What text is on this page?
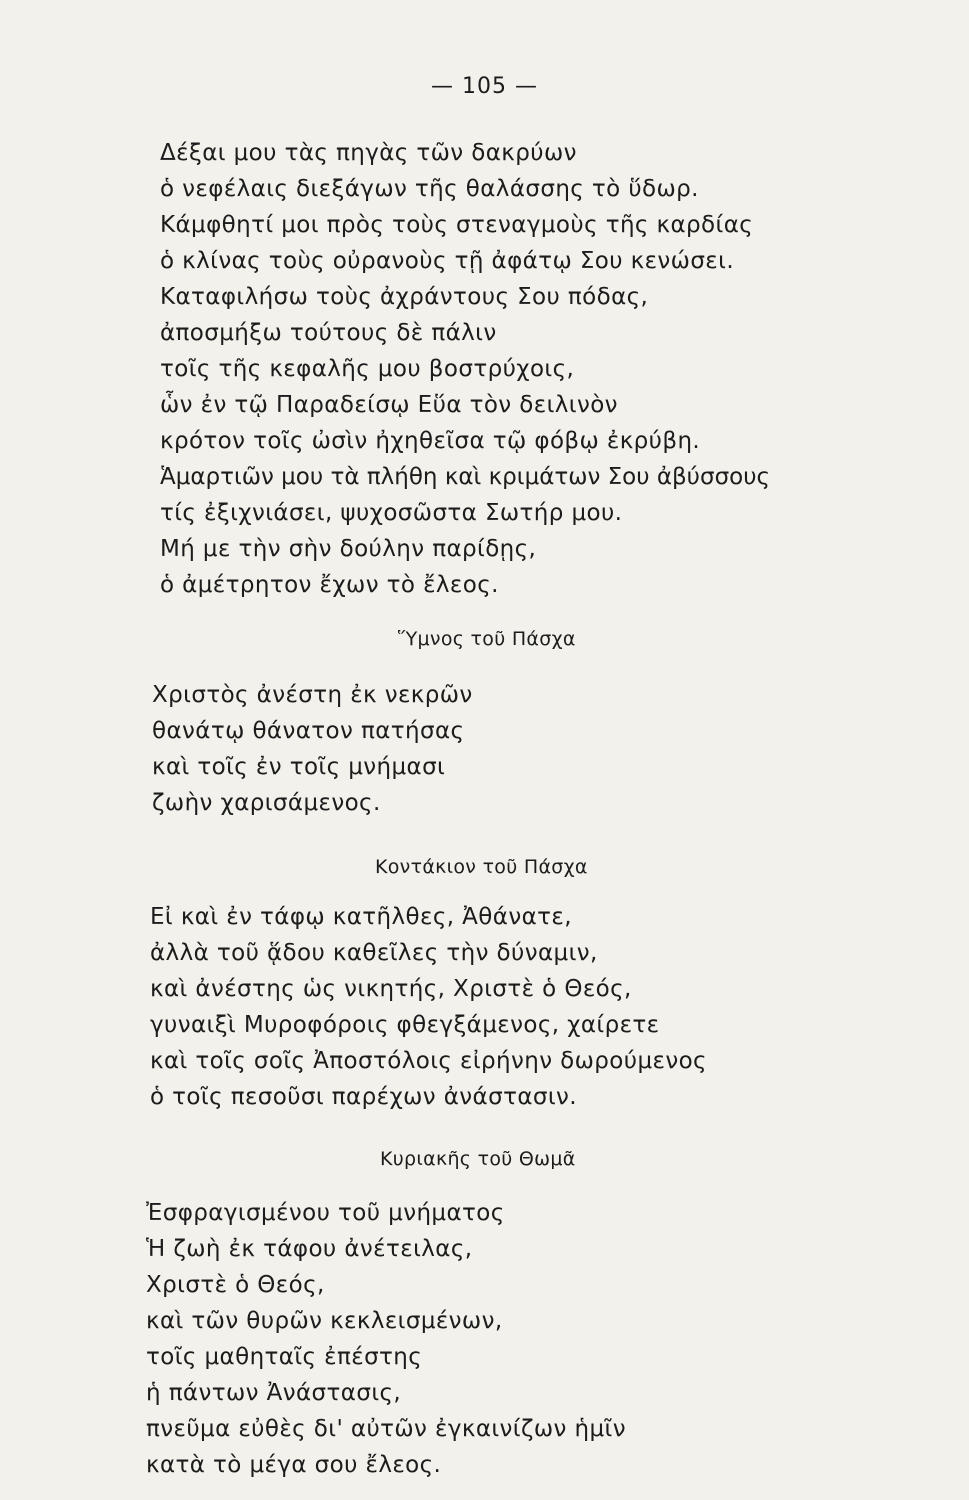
— 105 —
Δέξαι μου τὰς πηγὰς τῶν δακρύων
ὁ νεφέλαις διεξάγων τῆς θαλάσσης τὸ ὕδωρ.
Κάμφθητί μοι πρὸς τοὺς στεναγμοὺς τῆς καρδίας
ὁ κλίνας τοὺς οὐρανοὺς τῇ ἀφάτῳ Σου κενώσει.
Καταφιλήσω τοὺς ἀχράντους Σου πόδας,
ἀποσμήξω τούτους δὲ πάλιν
τοῖς τῆς κεφαλῆς μου βοστρύχοις,
ὧν ἐν τῷ Παραδείσῳ Εὕα τὸν δειλινὸν
κρότον τοῖς ὠσὶν ἠχηθεῖσα τῷ φόβῳ ἐκρύβη.
Ἁμαρτιῶν μου τὰ πλήθη καὶ κριμάτων Σου ἀβύσσους
τίς ἐξιχνιάσει, ψυχοσῶστα Σωτήρ μου.
Μή με τὴν σὴν δούλην παρίδῃς,
ὁ ἀμέτρητον ἔχων τὸ ἔλεος.
Ὕμνος τοῦ Πάσχα
Χριστὸς ἀνέστη ἐκ νεκρῶν
θανάτῳ θάνατον πατήσας
καὶ τοῖς ἐν τοῖς μνήμασι
ζωὴν χαρισάμενος.
Κοντάκιον τοῦ Πάσχα
Εἰ καὶ ἐν τάφῳ κατῆλθες, Ἀθάνατε,
ἀλλὰ τοῦ ᾅδου καθεῖλες τὴν δύναμιν,
καὶ ἀνέστης ὡς νικητής, Χριστὲ ὁ Θεός,
γυναιξὶ Μυροφόροις φθεγξάμενος, χαίρετε
καὶ τοῖς σοῖς Ἀποστόλοις εἰρήνην δωρούμενος
ὁ τοῖς πεσοῦσι παρέχων ἀνάστασιν.
Κυριακῆς τοῦ Θωμᾶ
Ἐσφραγισμένου τοῦ μνήματος
Ἡ ζωὴ ἐκ τάφου ἀνέτειλας,
Χριστὲ ὁ Θεός,
καὶ τῶν θυρῶν κεκλεισμένων,
τοῖς μαθηταῖς ἐπέστης
ἡ πάντων Ἀνάστασις,
πνεῦμα εὐθὲς δι' αὐτῶν ἐγκαινίζων ἡμῖν
κατὰ τὸ μέγα σου ἔλεος.
